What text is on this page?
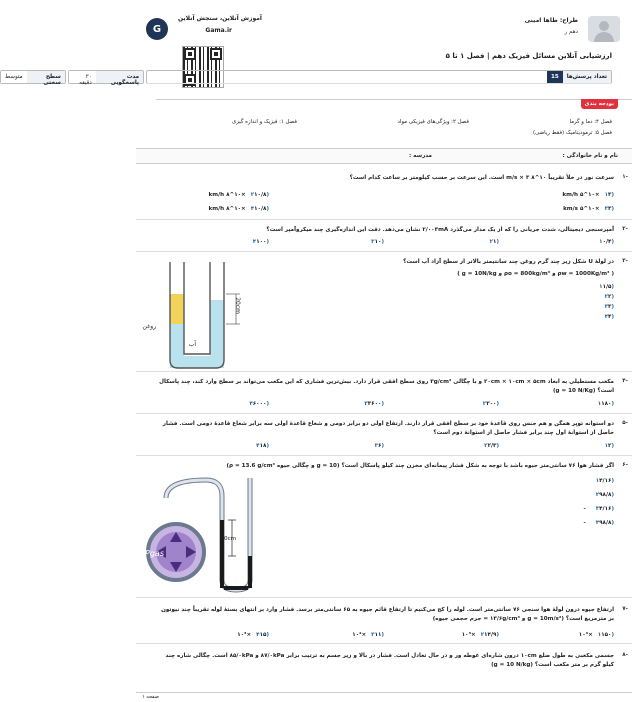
G
آموزش آنلاین، سنجش آنلاین
Gama.ir
طراح: طاها امینی
دهم ر
ارزشیابی آنلاین مسائل فیزیک دهم | فصل ۱ تا ۵
تعداد پرسش‌ها
15
مدت پاسخگویی
۳۰ دقیقه
سطح سختی
متوسط
بودجه بندی
فصل ۴: دما و گرما
فصل ۲: ویژگی‌های فیزیکی مواد
فصل ۱: فیزیک و اندازه گیری
فصل ۵: ترمودینامیک (فقط ریاضی)
نام و نام خانوادگی :
مدرسه :
-۱
سرعت نور در خلأ تقریباً ۱۰^۸ m/s × ۳ است. این سرعت بر حسب کیلومتر بر ساعت کدام است؟
(۱۳×۱۰^۵ km/h
(۲۱۰/۸×۱۰^۸ km/h
(۳۳×۱۰^۵ km/s
(۴۱۰/۸×۱۰^۸ km/h
-۲
آمپرسنجی دیجیتالی، شدت جریانی را که از یک مدار می‌گذرد ۲/۰۰۳mA نشان می‌دهد. دقت این اندازه‌گیری چند میکروآمپر است؟
(۱۰/۴
(۲۱
(۳۱۰
(۴۱۰۰
-۳
در لولهٔ U شکل زیر چند گرم روغن چند سانتیمتر بالاتر از سطح آزاد آب است؟
( g = 10N/kg و ρo = 800kg/m³ و ρw = 1000Kg/m³ )
(۱۱/۵
(۲۲
(۳۳
(۴۴
20cm
روغن
آب
-۴
مکعب مستطیلی به ابعاد ۲۰cm × ۱۰cm × ۵cm و با چگالی ۳g/cm³ روی سطح افقی قرار دارد. بیش‌ترین فشاری که این مکعب می‌تواند بر سطح وارد کند، چند پاسکال است؟ (g = 10 N/Kg)
(۱۱۸۰
(۲۳۰۰
(۳۳۶۰۰
(۴۶۰۰۰
-۵
دو استوانه توپر همگن و هم جنس روی قاعدهٔ خود بر سطح افقی قرار دارند. ارتفاع اولی دو برابر دومی و شعاع قاعدهٔ اولی سه برابر شعاع قاعدهٔ دومی است. فشار حاصل از استوانهٔ اول چند برابر فشار حاصل از استوانهٔ دوم است؟
(۱۲
(۲۲/۳
(۳۶
(۴۱۸
-۶
اگر فشار هوا ۷۶ سانتی‌متر جیوه باشد با توجه به شکل فشار پیمانه‌ای مخزن چند کیلو پاسکال است؟ (g = 10 و چگالی جیوه ρ = 13.6 g/cm³)
(۱۴/۱۶
(۲۹۸/۸
(۳۴/۱۶ -
(۴۹۸/۸ -
30cm
Pgas
-۷
ارتفاع جیوه درون لولهٔ هوا سنجی ۷۶ سانتی‌متر است. لوله را کج می‌کنیم تا ارتفاع قائم جیوه به ۶۵ سانتی‌متر برسد. فشار وارد بر انتهای بستهٔ لوله تقریباً چند نیوتون بر مترمربع است؟ (g = 10m/s² و ۱۳/۶g/cm³ = جرم حجمی جیوه)
(۱۱۵۰×۱۰³
(۲۱۴/۹×۱۰³
(۳۱۱×۱۰⁴
(۴۱۵×۱۰³
-۸
جسمی مکعبی به طول ضلع ۱۰cm درون شاره‌ای غوطه ور و در حال تعادل است. فشار در بالا و زیر جسم به ترتیب برابر ۸۷/۰kPa و ۸۵/۰kPa است. چگالی شاره چند کیلو گرم بر متر مکعب است؟ (g = 10 N/kg)
صفحه ۱
